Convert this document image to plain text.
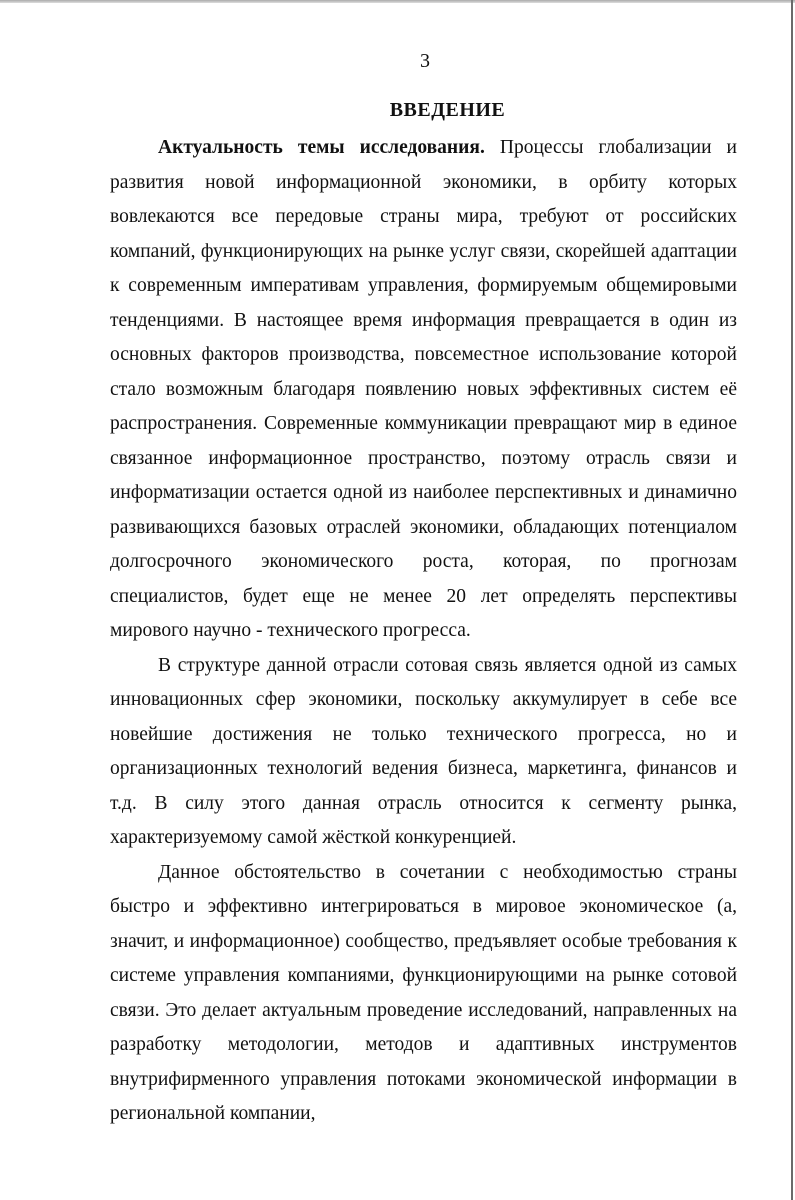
3
ВВЕДЕНИЕ

Актуальность темы исследования. Процессы глобализации и развития новой информационной экономики, в орбиту которых вовлекаются все передовые страны мира, требуют от российских компаний, функционирующих на рынке услуг связи, скорейшей адаптации к современным императивам управления, формируемым общемировыми тенденциями. В настоящее время информация превращается в один из основных факторов производства, повсеместное использование которой стало возможным благодаря появлению новых эффективных систем её распространения. Современные коммуникации превращают мир в единое связанное информационное пространство, поэтому отрасль связи и информатизации остается одной из наиболее перспективных и динамично развивающихся базовых отраслей экономики, обладающих потенциалом долгосрочного экономического роста, которая, по прогнозам специалистов, будет еще не менее 20 лет определять перспективы мирового научно - технического прогресса.

В структуре данной отрасли сотовая связь является одной из самых инновационных сфер экономики, поскольку аккумулирует в себе все новейшие достижения не только технического прогресса, но и организационных технологий ведения бизнеса, маркетинга, финансов и т.д. В силу этого данная отрасль относится к сегменту рынка, характеризуемому самой жёсткой конкуренцией.

Данное обстоятельство в сочетании с необходимостью страны быстро и эффективно интегрироваться в мировое экономическое (а, значит, и информационное) сообщество, предъявляет особые требования к системе управления компаниями, функционирующими на рынке сотовой связи. Это делает актуальным проведение исследований, направленных на разработку методологии, методов и адаптивных инструментов внутрифирменного управления потоками экономической информации в региональной компании,
